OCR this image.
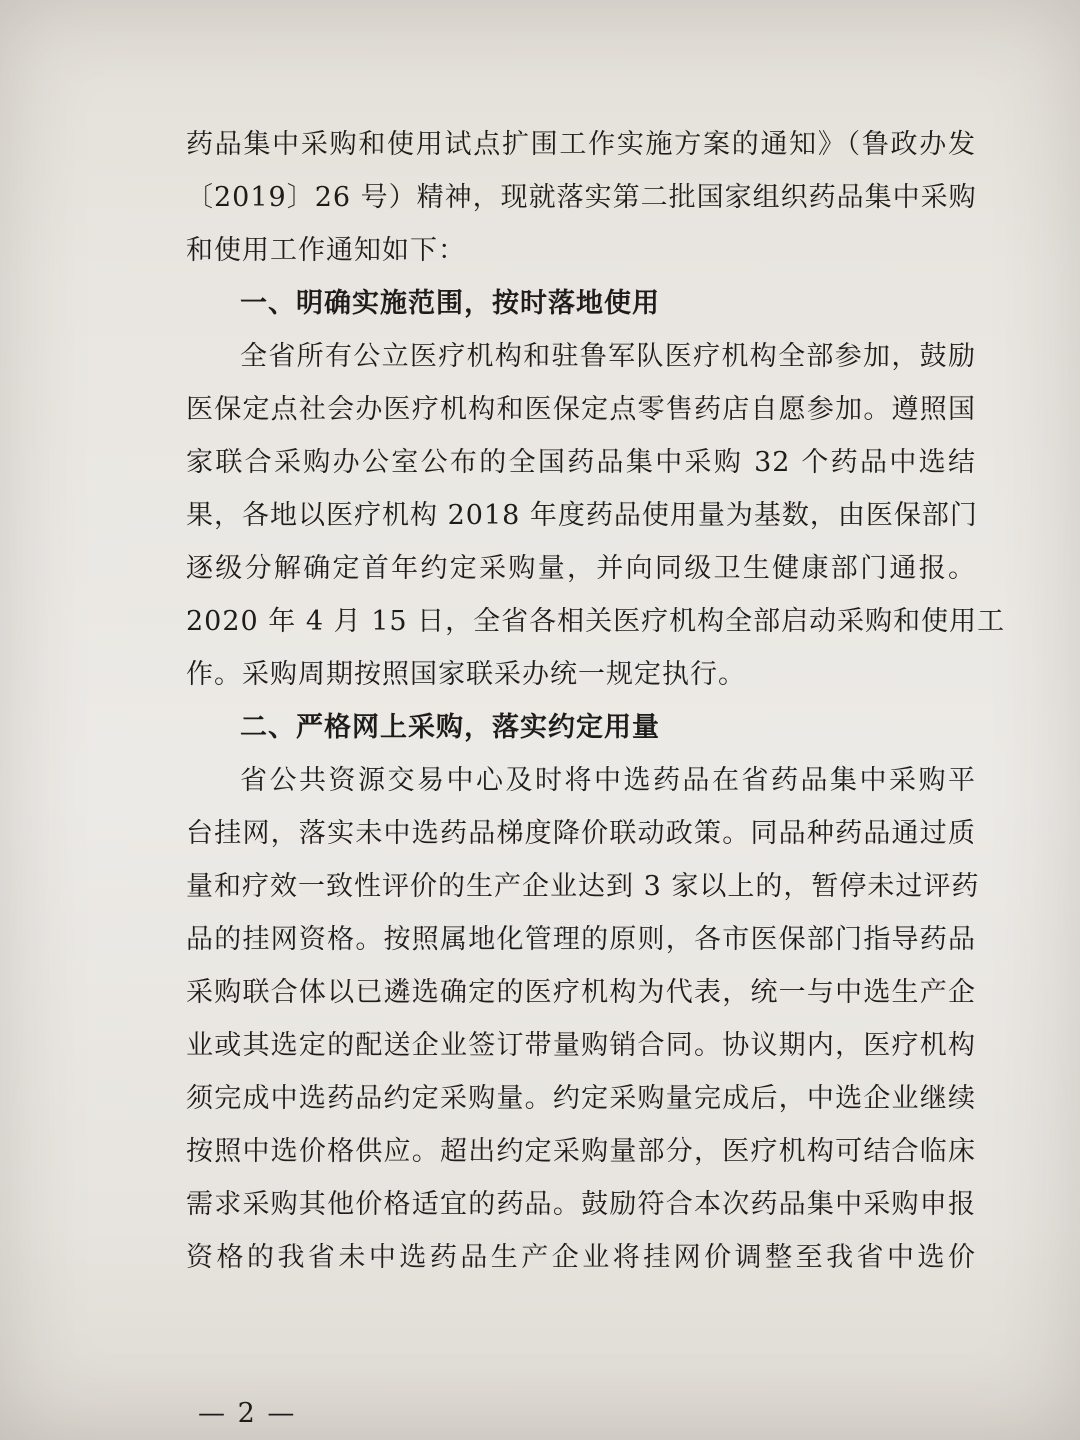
药品集中采购和使用试点扩围工作实施方案的通知》（鲁政办发
〔2019〕26 号）精神，现就落实第二批国家组织药品集中采购
和使用工作通知如下：
一、明确实施范围，按时落地使用
全省所有公立医疗机构和驻鲁军队医疗机构全部参加，鼓励
医保定点社会办医疗机构和医保定点零售药店自愿参加。遵照国
家联合采购办公室公布的全国药品集中采购 32 个药品中选结
果，各地以医疗机构 2018 年度药品使用量为基数，由医保部门
逐级分解确定首年约定采购量，并向同级卫生健康部门通报。
2020 年 4 月 15 日，全省各相关医疗机构全部启动采购和使用工
作。采购周期按照国家联采办统一规定执行。
二、严格网上采购，落实约定用量
省公共资源交易中心及时将中选药品在省药品集中采购平
台挂网，落实未中选药品梯度降价联动政策。同品种药品通过质
量和疗效一致性评价的生产企业达到 3 家以上的，暂停未过评药
品的挂网资格。按照属地化管理的原则，各市医保部门指导药品
采购联合体以已遴选确定的医疗机构为代表，统一与中选生产企
业或其选定的配送企业签订带量购销合同。协议期内，医疗机构
须完成中选药品约定采购量。约定采购量完成后，中选企业继续
按照中选价格供应。超出约定采购量部分，医疗机构可结合临床
需求采购其他价格适宜的药品。鼓励符合本次药品集中采购申报
资格的我省未中选药品生产企业将挂网价调整至我省中选价
— 2 —
